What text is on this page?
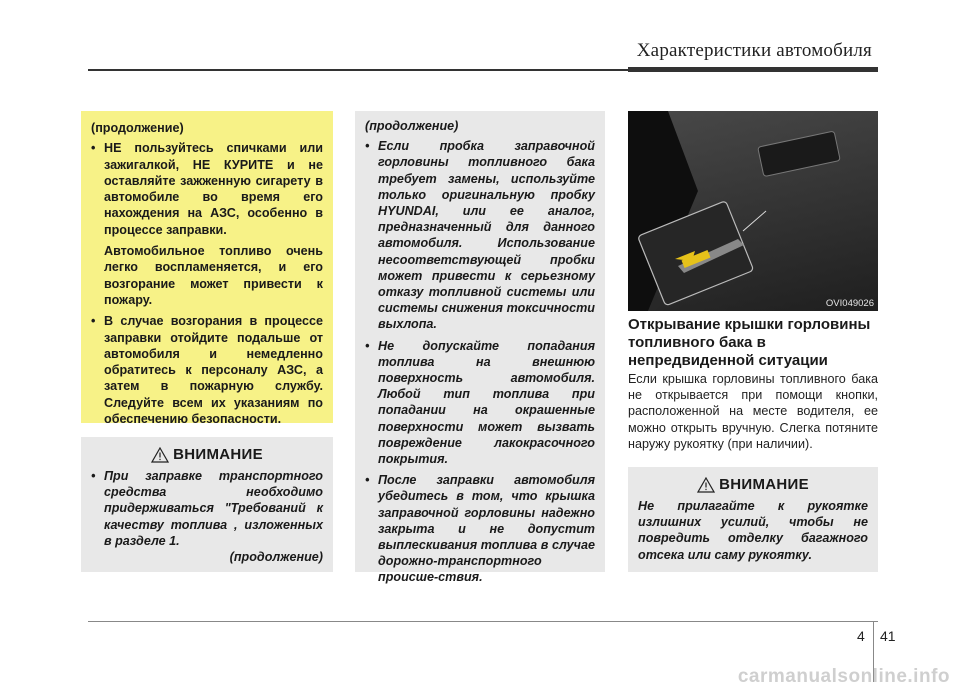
Характеристики автомобиля

(продолжение)

• НЕ пользуйтесь спичками или зажигалкой, НЕ КУРИТЕ и не оставляйте зажженную сигарету в автомобиле во время его нахождения на АЗС, особенно в процессе заправки.

Автомобильное топливо очень легко воспламеняется, и его возгорание может привести к пожару.

• В случае возгорания в процессе заправки отойдите подальше от автомобиля и немедленно обратитесь к персоналу АЗС, а затем в пожарную службу. Следуйте всем их указаниям по обеспечению безопасности.
ВНИМАНИЕ
• При заправке транспортного средства необходимо придерживаться "Требований к качеству топлива , изложенных в разделе 1.

(продолжение)

(продолжение)

• Если пробка заправочной горловины топливного бака требует замены, используйте только оригинальную пробку HYUNDAI, или ее аналог, предназначенный для данного автомобиля. Использование несоответствующей пробки может привести к серьезному отказу топливной системы или системы снижения токсичности выхлопа.
• Не допускайте попадания топлива на внешнюю поверхность автомобиля. Любой тип топлива при попадании на окрашенные поверхности может вызвать повреждение лакокрасочного покрытия.
• После заправки автомобиля убедитесь в том, что крышка заправочной горловины надежно закрыта и не допустит выплескивания топлива в случае дорожно-транспортного происше-ствия.
OVI049026
Открывание крышки горловины топливного бака в непредвиденной ситуации
Если крышка горловины топливного бака не открывается при помощи кнопки, расположенной на месте водителя, ее можно открыть вручную. Слегка потяните наружу рукоятку (при наличии).
ВНИМАНИЕ

Не прилагайте к рукоятке излишних усилий, чтобы не повредить отделку багажного отсека или саму рукоятку.

4 41
carmanualsonline.info
